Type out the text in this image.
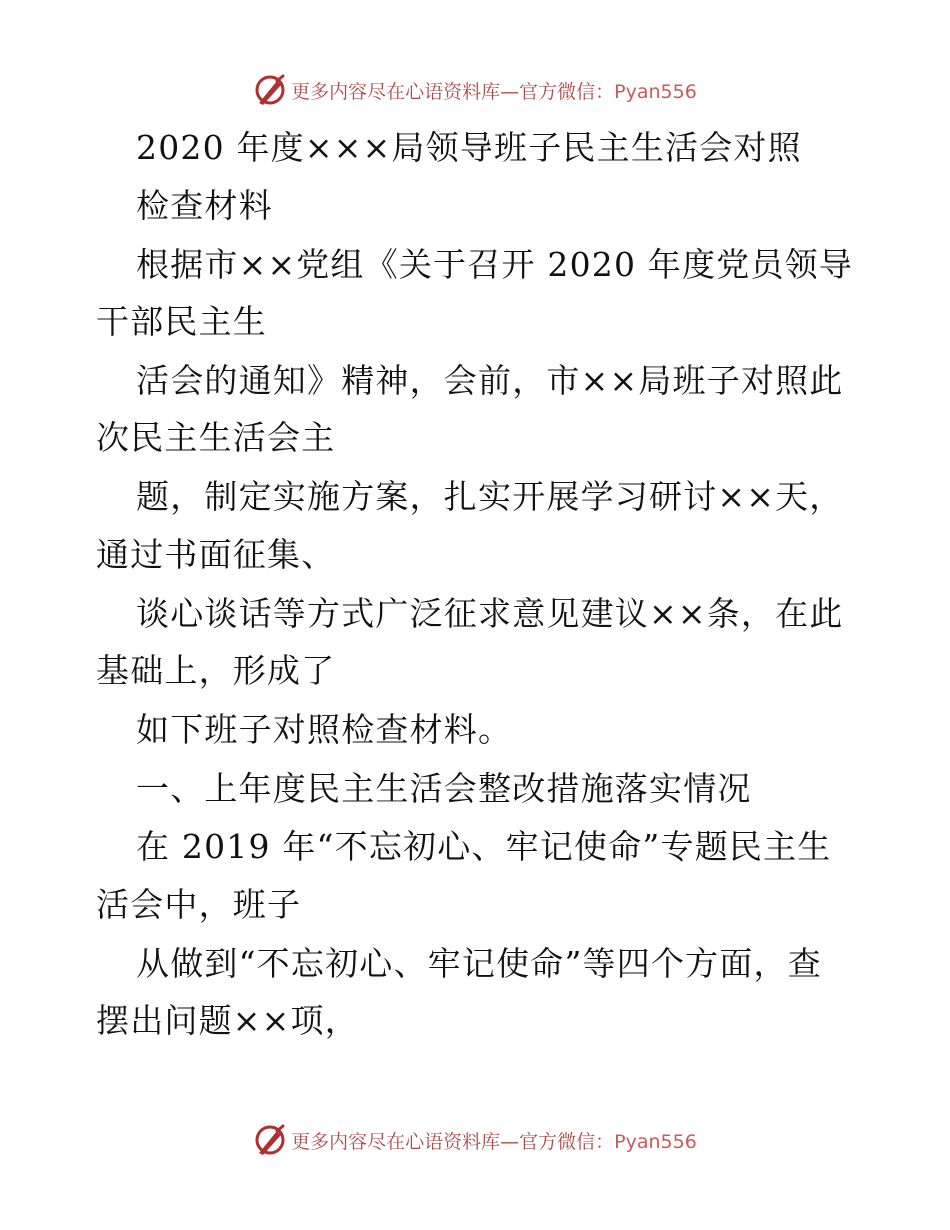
更多内容尽在心语资料库—官方微信：Pyan556
2020 年度×××局领导班子民主生活会对照
检查材料
根据市××党组《关于召开 2020 年度党员领导
干部民主生
活会的通知》精神，会前，市××局班子对照此
次民主生活会主
题，制定实施方案，扎实开展学习研讨××天，
通过书面征集、
谈心谈话等方式广泛征求意见建议××条，在此
基础上，形成了
如下班子对照检查材料。
一、上年度民主生活会整改措施落实情况
在 2019 年“不忘初心、牢记使命”专题民主生
活会中，班子
从做到“不忘初心、牢记使命”等四个方面，查
摆出问题××项，
更多内容尽在心语资料库—官方微信：Pyan556
